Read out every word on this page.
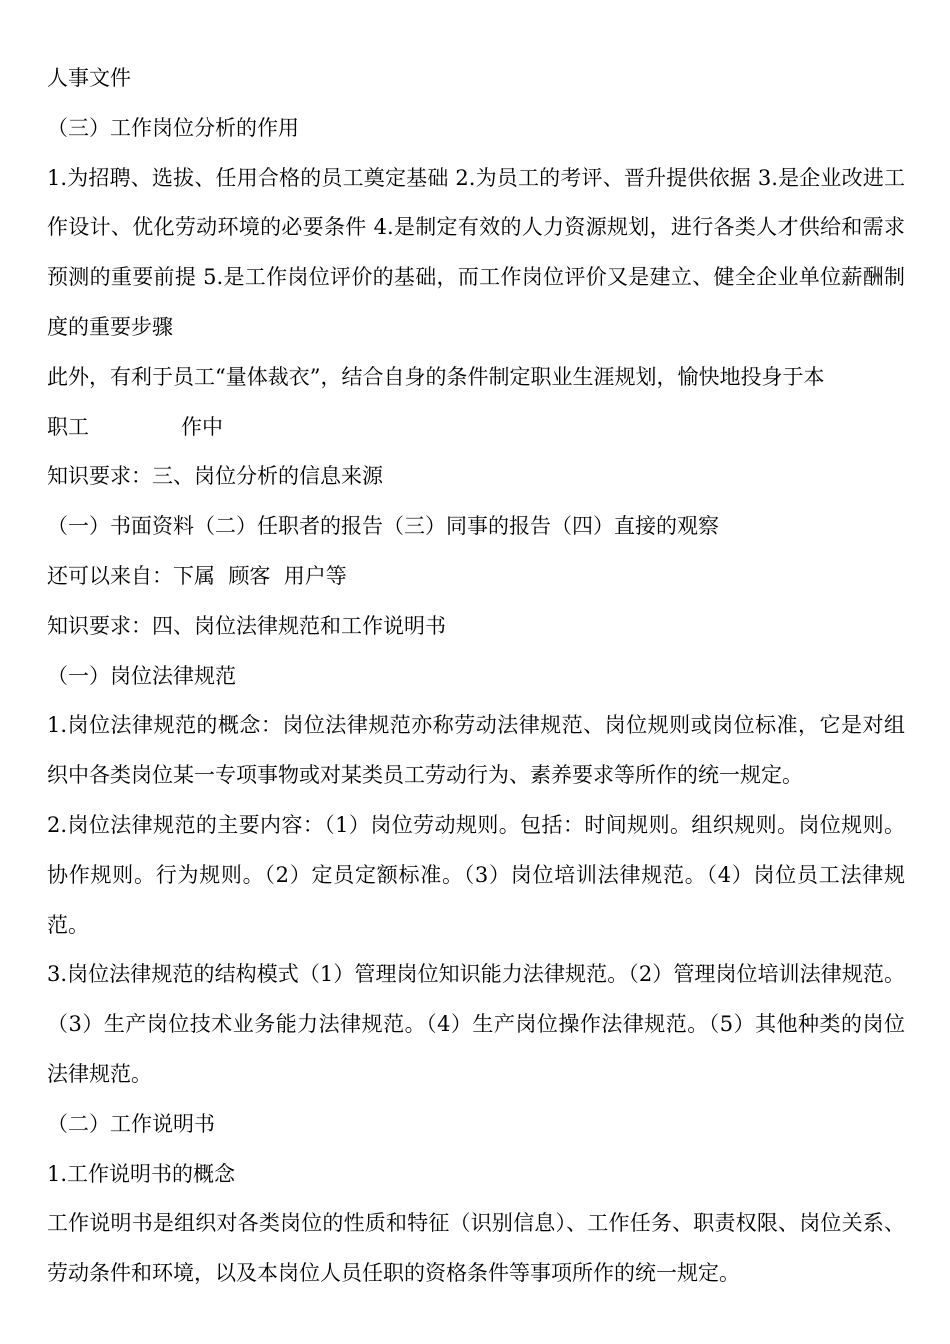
人事文件

（三）工作岗位分析的作用

1.为招聘、选拔、任用合格的员工奠定基础 2.为员工的考评、晋升提供依据 3.是企业改进工作设计、优化劳动环境的必要条件 4.是制定有效的人力资源规划，进行各类人才供给和需求预测的重要前提 5.是工作岗位评价的基础，而工作岗位评价又是建立、健全企业单位薪酬制度的重要步骤

此外，有利于员工“量体裁衣”，结合自身的条件制定职业生涯规划，愉快地投身于本
职工	作中

知识要求：三、岗位分析的信息来源

（一）书面资料（二）任职者的报告（三）同事的报告（四）直接的观察

还可以来自：下属  顾客  用户等

知识要求：四、岗位法律规范和工作说明书

（一）岗位法律规范

1.岗位法律规范的概念：岗位法律规范亦称劳动法律规范、岗位规则或岗位标准，它是对组织中各类岗位某一专项事物或对某类员工劳动行为、素养要求等所作的统一规定。

2.岗位法律规范的主要内容：（1）岗位劳动规则。包括：时间规则。组织规则。岗位规则。协作规则。行为规则。（2）定员定额标准。（3）岗位培训法律规范。（4）岗位员工法律规范。

3.岗位法律规范的结构模式（1）管理岗位知识能力法律规范。（2）管理岗位培训法律规范。（3）生产岗位技术业务能力法律规范。（4）生产岗位操作法律规范。（5）其他种类的岗位法律规范。

（二）工作说明书

1.工作说明书的概念

工作说明书是组织对各类岗位的性质和特征（识别信息）、工作任务、职责权限、岗位关系、劳动条件和环境，以及本岗位人员任职的资格条件等事项所作的统一规定。
